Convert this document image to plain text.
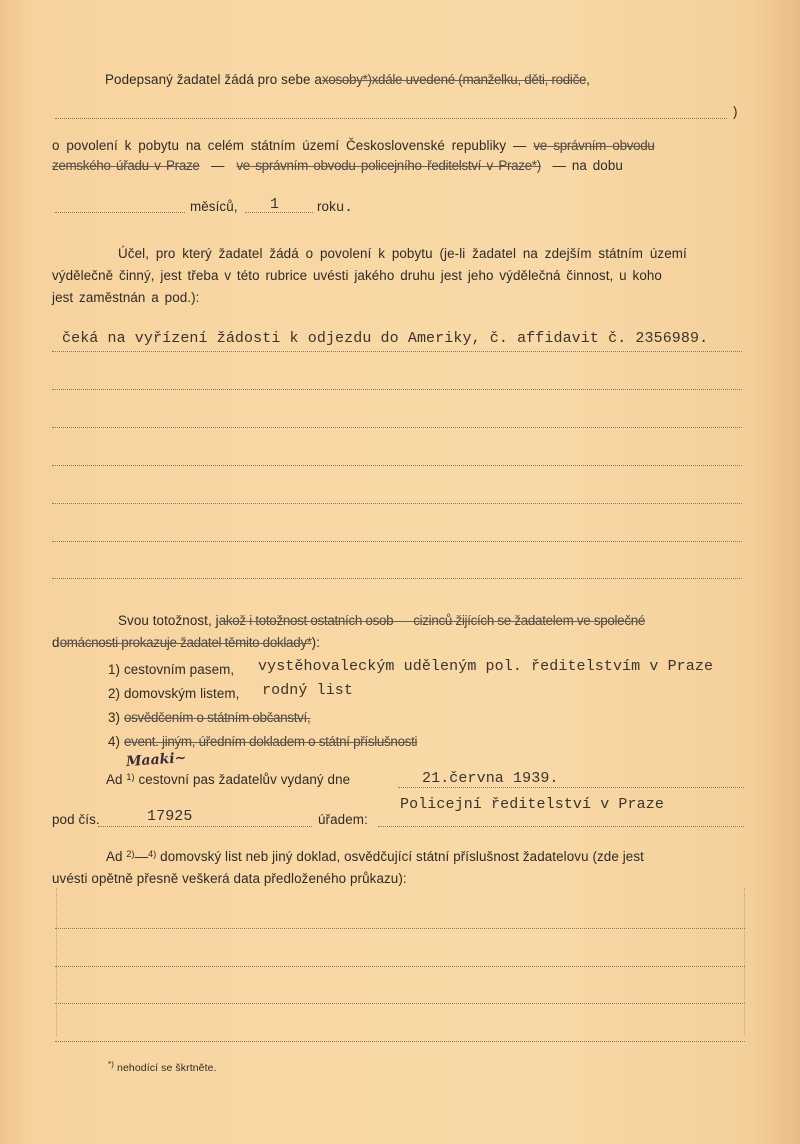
Podepsaný žadatel žádá pro sebe axosoby*)xdále uvedené (manželku, děti, rodiče,
)
o povolení k pobytu na celém státním území Československé republiky — ve správním obvodu
zemského úřadu v Praze — ve správním obvodu policejního ředitelství v Praze*) — na dobu
měsíců, 1	roku.
Účel, pro který žadatel žádá o povolení k pobytu (je-li žadatel na zdejším státním území
výdělečně činný, jest třeba v této rubrice uvésti jakého druhu jest jeho výdělečná činnost, u koho
jest zaměstnán a pod.):
čeká na vyřízení žádosti k odjezdu do Ameriky, č. affidavit č. 2356989.
Svou totožnost, jakož i totožnost ostatních osob — cizinců žijících se žadatelem ve společné
domácnosti prokazuje žadatel těmito doklady*):
1) cestovním pasem, vystěhovaleckým uděleným pol. ředitelstvím v Praze
2) domovským listem, rodný list
3) osvědčením o státním občanství,
4) event. jiným, úředním dokladem o státní příslušnosti
Maaki~
Ad $^{1)}$ cestovní pas žadatelův vydaný dne	21.června 1939.
pod čís.	17925	úřadem:
Policejní ředitelství v Praze
Ad $^{2)}$—$^{4)}$ domovský list neb jiný doklad, osvědčující státní příslušnost žadatelovu (zde jest
uvésti opětně přesně veškerá data předloženého průkazu):
*) nehodící se škrtněte.
